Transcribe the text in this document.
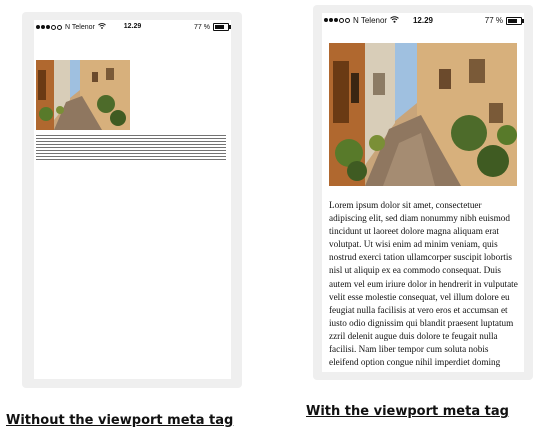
N Telenor	12.29	77 %
N Telenor	12.29	77 %

Lorem ipsum dolor sit amet, consectetuer adipiscing elit, sed diam nonummy nibh euismod tincidunt ut laoreet dolore magna aliquam erat volutpat. Ut wisi enim ad minim veniam, quis nostrud exerci tation ullamcorper suscipit lobortis nisl ut aliquip ex ea commodo consequat. Duis autem vel eum iriure dolor in hendrerit in vulputate velit esse molestie consequat, vel illum dolore eu feugiat nulla facilisis at vero eros et accumsan et iusto odio dignissim qui blandit praesent luptatum zzril delenit augue duis dolore te feugait nulla facilisi. Nam liber tempor cum soluta nobis eleifend option congue nihil imperdiet doming

Without the viewport meta tag
With the viewport meta tag
